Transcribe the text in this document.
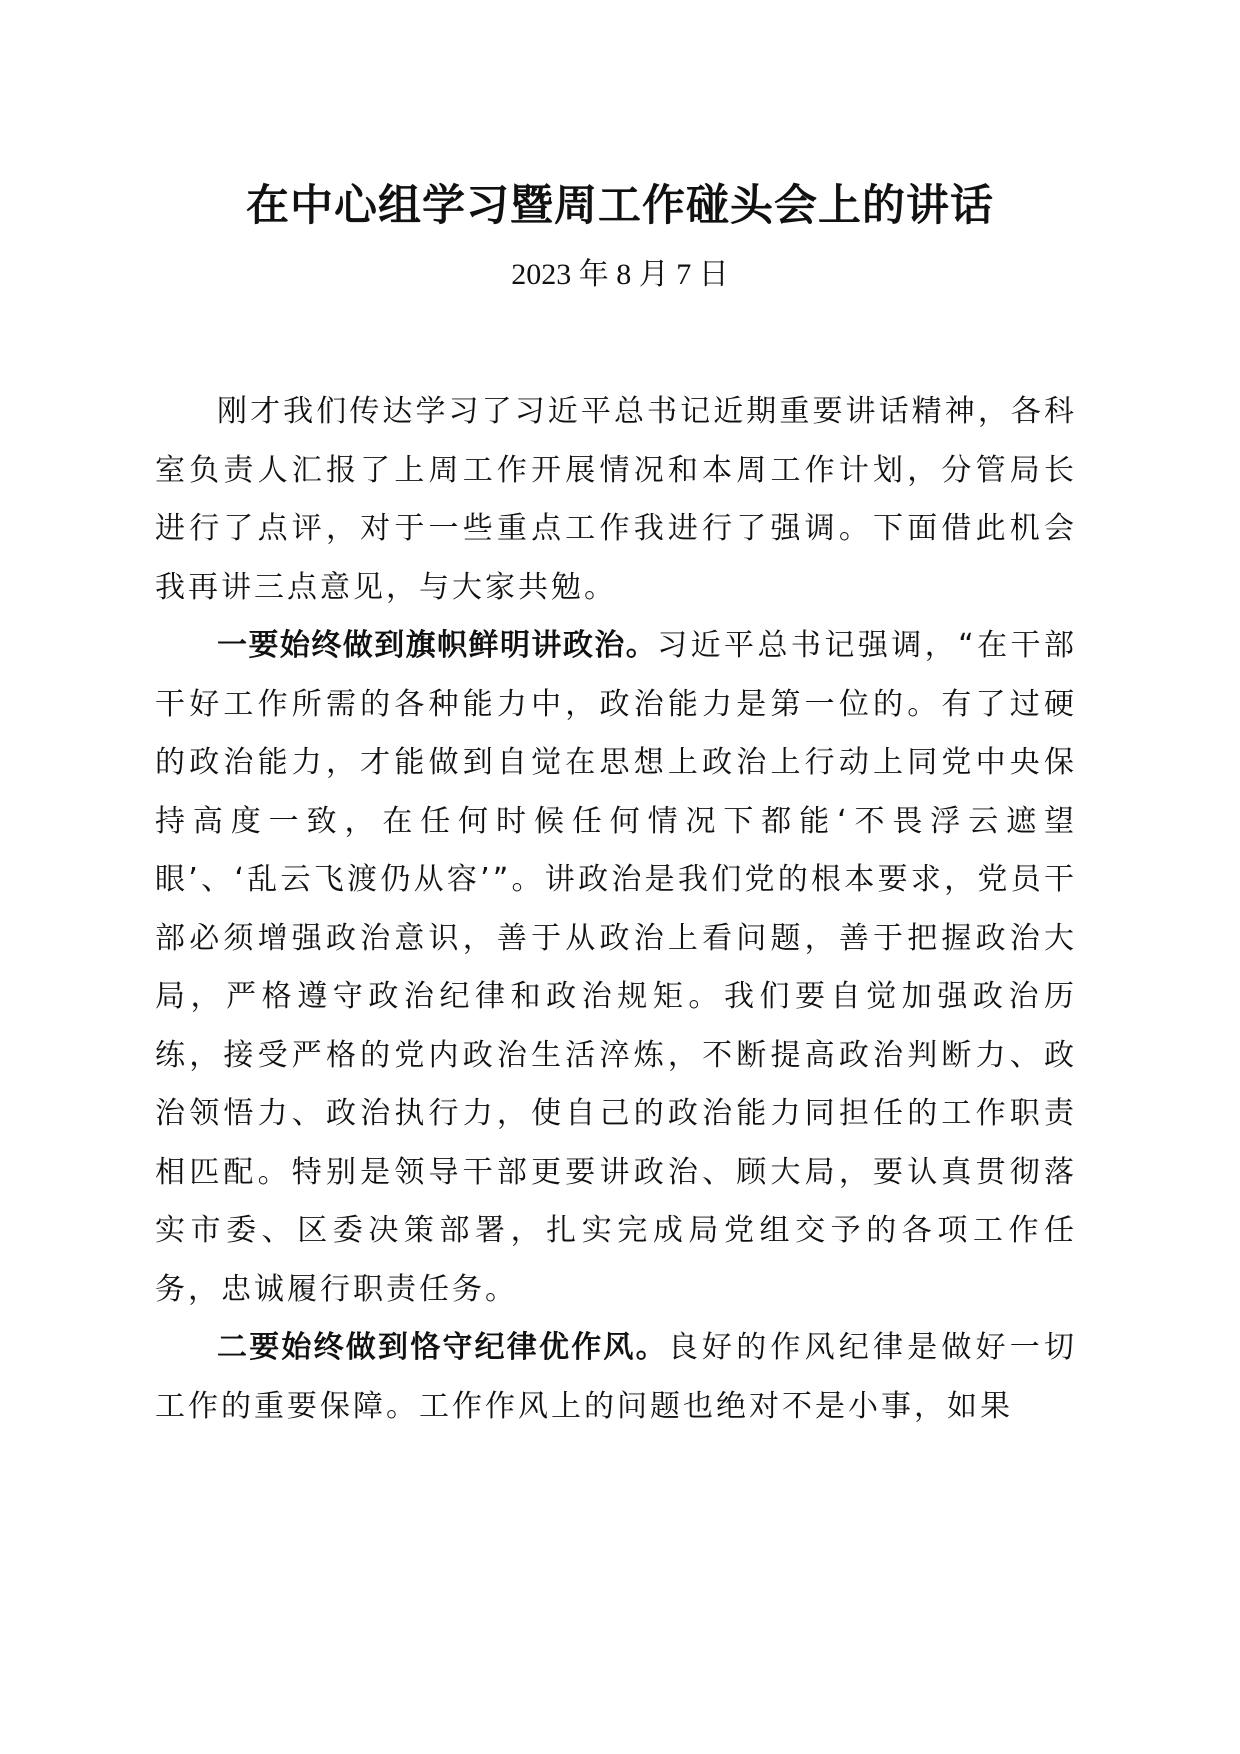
在中心组学习暨周工作碰头会上的讲话

2023 年 8 月 7 日

刚才我们传达学习了习近平总书记近期重要讲话精神，各科室负责人汇报了上周工作开展情况和本周工作计划，分管局长进行了点评，对于一些重点工作我进行了强调。下面借此机会我再讲三点意见，与大家共勉。

一要始终做到旗帜鲜明讲政治。习近平总书记强调，“在干部干好工作所需的各种能力中，政治能力是第一位的。有了过硬的政治能力，才能做到自觉在思想上政治上行动上同党中央保持高度一致，在任何时候任何情况下都能‘不畏浮云遮望眼’、‘乱云飞渡仍从容’”。讲政治是我们党的根本要求，党员干部必须增强政治意识，善于从政治上看问题，善于把握政治大局，严格遵守政治纪律和政治规矩。我们要自觉加强政治历练，接受严格的党内政治生活淬炼，不断提高政治判断力、政治领悟力、政治执行力，使自己的政治能力同担任的工作职责相匹配。特别是领导干部更要讲政治、顾大局，要认真贯彻落实市委、区委决策部署，扎实完成局党组交予的各项工作任务，忠诚履行职责任务。

二要始终做到恪守纪律优作风。良好的作风纪律是做好一切工作的重要保障。工作作风上的问题也绝对不是小事，如果
